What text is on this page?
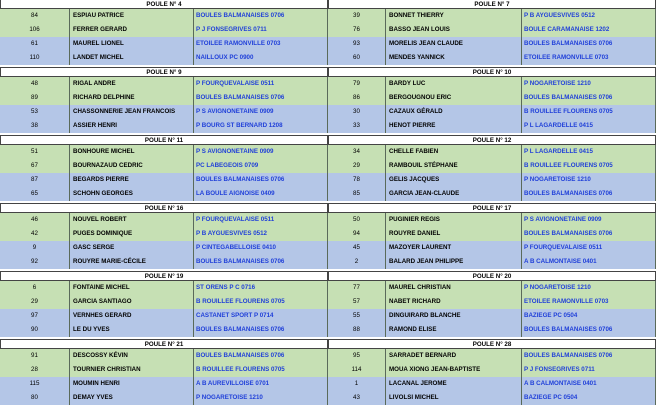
POULE N° 4
84	ESPIAU PATRICE	BOULES BALMANAISES 0706
106	FERRER GERARD	P J FONSEGRIVES 0711
61	MAUREL LIONEL	ETOILEE RAMONVILLE 0703
110	LANDET MICHEL	NAILLOUX PC 0900
POULE N° 7
39	BONNET THIERRY	P B AYGUESVIVES 0512
76	BASSO JEAN LOUIS	BOULE CARAMANAISE 1202
93	MORELIS JEAN CLAUDE	BOULES BALMANAISES 0706
60	MENDES YANNICK	ETOILEE RAMONVILLE 0703
POULE N° 9
48	RIGAL ANDRE	P FOURQUEVALAISE 0511
89	RICHARD DELPHINE	BOULES BALMANAISES 0706
53	CHASSONNERIE JEAN FRANCOIS	P S AVIGNONETAINE 0909
38	ASSIER HENRI	P BOURG ST BERNARD 1208
POULE N° 10
79	BARDY LUC	P NOGARETOISE 1210
86	BERGOUGNOU ERIC	BOULES BALMANAISES 0706
30	CAZAUX GÉRALD	B ROUILLEE FLOURENS 0705
33	HENOT PIERRE	P L LAGARDELLE 0415
POULE N° 11
51	BONHOURE MICHEL	P S AVIGNONETAINE 0909
67	BOURNAZAUD CEDRIC	PC LABEGEOIS 0709
87	BEGARDS PIERRE	BOULES BALMANAISES 0706
65	SCHOHN GEORGES	LA BOULE AIGNOISE 0409
POULE N° 12
34	CHELLE FABIEN	P L LAGARDELLE 0415
29	RAMBOUIL STÉPHANE	B ROUILLEE FLOURENS 0705
78	GELIS JACQUES	P NOGARETOISE 1210
85	GARCIA JEAN-CLAUDE	BOULES BALMANAISES 0706
POULE N° 16
46	NOUVEL ROBERT	P FOURQUEVALAISE 0511
42	PUGES DOMINIQUE	P B AYGUESVIVES 0512
9	GASC SERGE	P CINTEGABELLOISE 0410
92	ROUYRE MARIE-CÉCILE	BOULES BALMANAISES 0706
POULE N° 17
50	PUGINIER REGIS	P S AVIGNONETAINE 0909
94	ROUYRE DANIEL	BOULES BALMANAISES 0706
45	MAZOYER LAURENT	P FOURQUEVALAISE 0511
2	BALARD JEAN PHILIPPE	A B CALMONTAISE 0401
POULE N° 19
6	FONTAINE MICHEL	ST ORENS P C 0716
29	GARCIA SANTIAGO	B ROUILLEE FLOURENS 0705
97	VERNHES GERARD	CASTANET SPORT P 0714
90	LE DU YVES	BOULES BALMANAISES 0706
POULE N° 20
77	MAUREL CHRISTIAN	P NOGARETOISE 1210
57	NABET RICHARD	ETOILEE RAMONVILLE 0703
55	DINGUIRARD BLANCHE	BAZIEGE PC 0504
88	RAMOND ELISE	BOULES BALMANAISES 0706
POULE N° 21
91	DESCOSSY KÉVIN	BOULES BALMANAISES 0706
28	TOURNIER CHRISTIAN	B ROUILLEE FLOURENS 0705
115	MOUMIN HENRI	A B AUREVILLOISE 0701
80	DEMAY YVES	P NOGARETOISE 1210
POULE N° 28
95	SARRADET BERNARD	BOULES BALMANAISES 0706
114	MOUA XIONG JEAN-BAPTISTE	P J FONSEGRIVES 0711
1	LACANAL JEROME	A B CALMONTAISE 0401
43	LIVOLSI MICHEL	BAZIEGE PC 0504
